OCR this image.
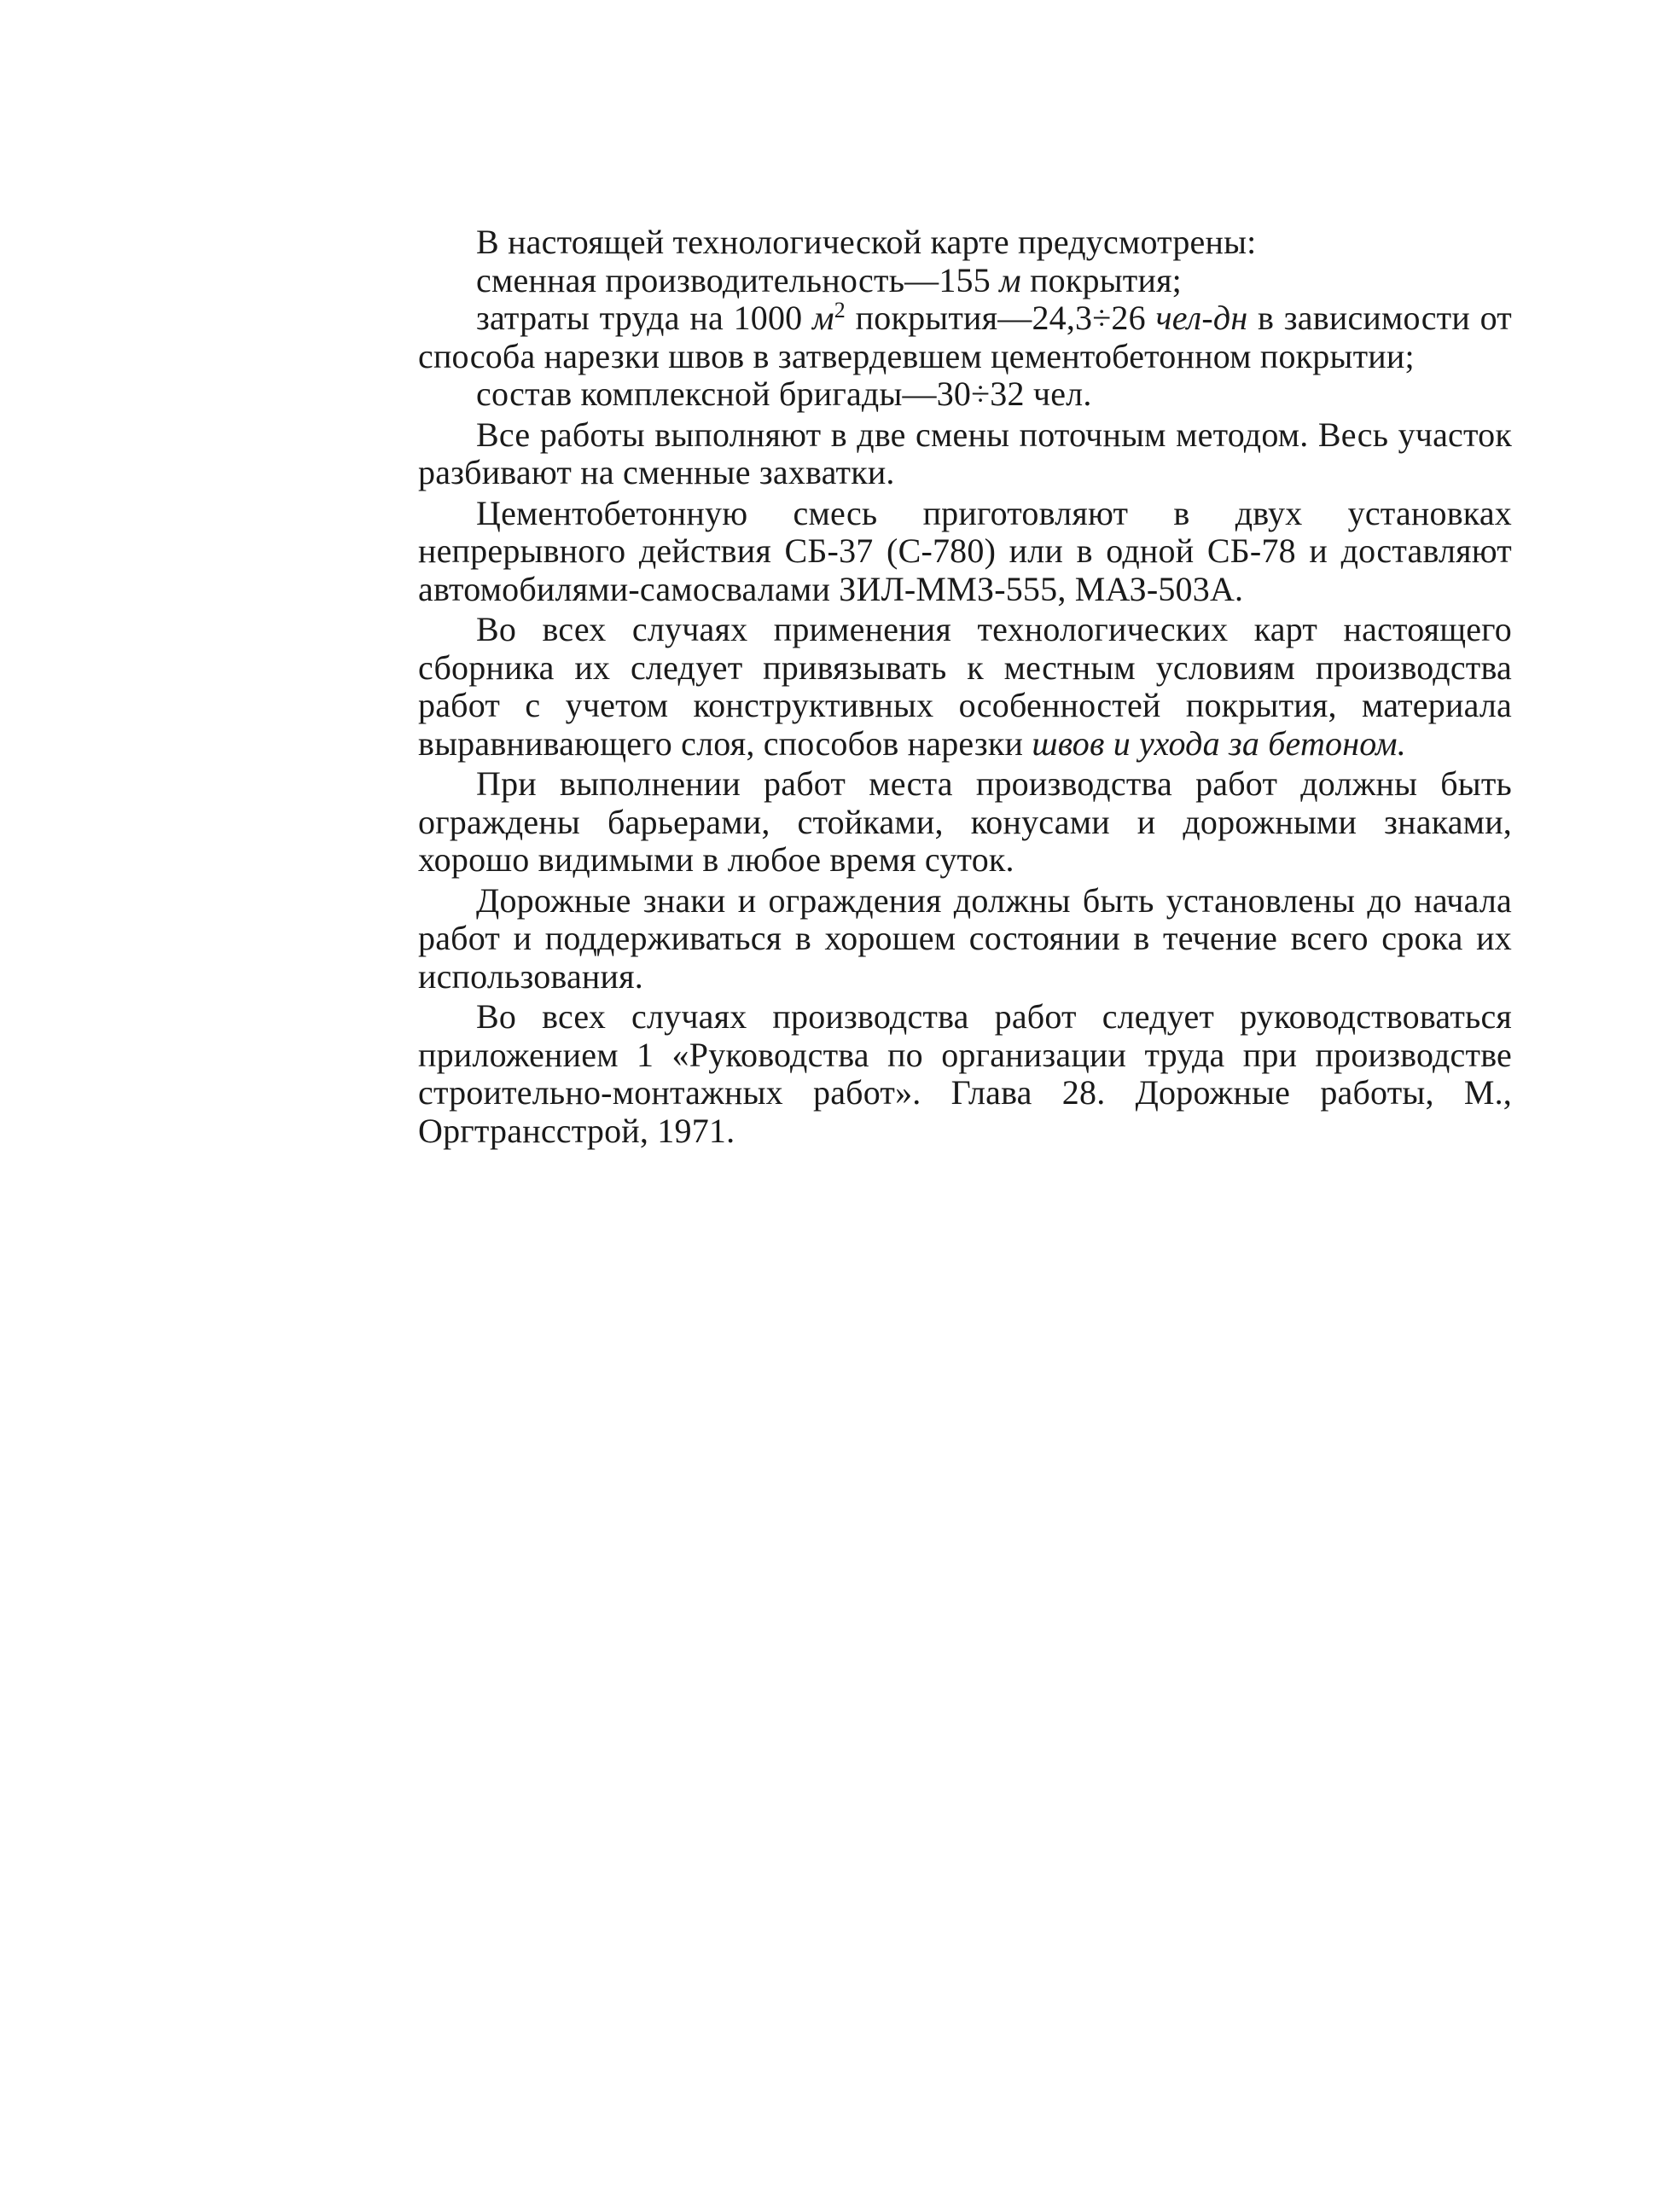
В настоящей технологической карте предусмотрены:

сменная производительность—155 м покрытия;

затраты труда на 1000 $м^2$ покрытия—24,3÷26 чел-дн в зависимости от способа нарезки швов в затвердевшем цементобетонном покрытии;

состав комплексной бригады—30÷32 чел.

Все работы выполняют в две смены поточным методом. Весь участок разбивают на сменные захватки.

Цементобетонную смесь приготовляют в двух установках непрерывного действия СБ-37 (С-780) или в одной СБ-78 и доставляют автомобилями-самосвалами ЗИЛ-ММЗ-555, МАЗ-503А.

Во всех случаях применения технологических карт настоящего сборника их следует привязывать к местным условиям производства работ с учетом конструктивных особенностей покрытия, материала выравнивающего слоя, способов нарезки швов и ухода за бетоном.

При выполнении работ места производства работ должны быть ограждены барьерами, стойками, конусами и дорожными знаками, хорошо видимыми в любое время суток.

Дорожные знаки и ограждения должны быть установлены до начала работ и поддерживаться в хорошем состоянии в течение всего срока их использования.

Во всех случаях производства работ следует руководствоваться приложением 1 «Руководства по организации труда при производстве строительно-монтажных работ». Глава 28. Дорожные работы, М., Оргтрансстрой, 1971.
